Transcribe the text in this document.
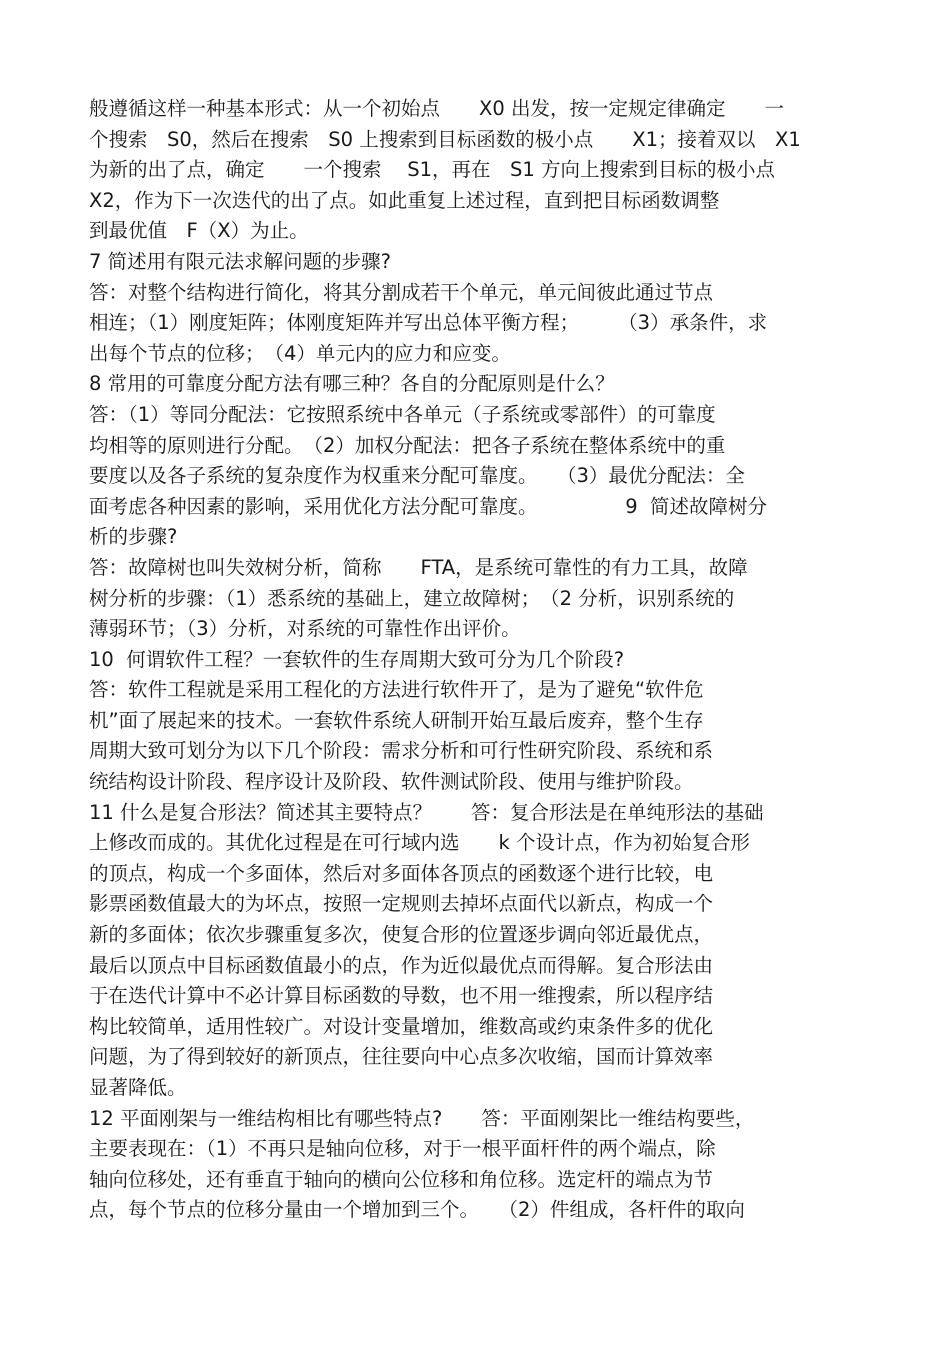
般遵循这样一种基本形式：从一个初始点　　X0 出发，按一定规定律确定　　一
个搜索　S0，然后在搜索　S0 上搜索到目标函数的极小点　　X1；接着双以　X1
为新的出了点，确定　　一个搜索　 S1，再在　S1 方向上搜索到目标的极小点
X2，作为下一次迭代的出了点。如此重复上述过程，直到把目标函数调整
到最优值　F（X）为止。
7 简述用有限元法求解问题的步骤?
答：对整个结构进行简化，将其分割成若干个单元，单元间彼此通过节点
相连；（1）刚度矩阵；体刚度矩阵并写出总体平衡方程；　　　（3）承条件，求
出每个节点的位移；　（4）单元内的应力和应变。
8 常用的可靠度分配方法有哪三种？各自的分配原则是什么？
答：（1）等同分配法：它按照系统中各单元（子系统或零部件）的可靠度
均相等的原则进行分配。　（2）加权分配法：把各子系统在整体系统中的重
要度以及各子系统的复杂度作为权重来分配可靠度。　　（3）最优分配法：全
面考虑各种因素的影响，采用优化方法分配可靠度。　　　　　9  简述故障树分
析的步骤?
答：故障树也叫失效树分析，简称　　FTA，是系统可靠性的有力工具，故障
树分析的步骤：（1）悉系统的基础上，建立故障树；　（2 分析，识别系统的
薄弱环节；（3）分析，对系统的可靠性作出评价。
10  何谓软件工程？一套软件的生存周期大致可分为几个阶段?
答：软件工程就是采用工程化的方法进行软件开了，是为了避免“软件危
机”面了展起来的技术。一套软件系统人研制开始互最后废弃，整个生存
周期大致可划分为以下几个阶段：需求分析和可行性研究阶段、系统和系
统结构设计阶段、程序设计及阶段、软件测试阶段、使用与维护阶段。
11 什么是复合形法？简述其主要特点？　　答：复合形法是在单纯形法的基础
上修改而成的。其优化过程是在可行域内选　　k 个设计点，作为初始复合形
的顶点，构成一个多面体，然后对多面体各顶点的函数逐个进行比较，电
影票函数值最大的为坏点，按照一定规则去掉坏点面代以新点，构成一个
新的多面体；依次步骤重复多次，使复合形的位置逐步调向邻近最优点，
最后以顶点中目标函数值最小的点，作为近似最优点而得解。复合形法由
于在迭代计算中不必计算目标函数的导数，也不用一维搜索，所以程序结
构比较简单，适用性较广。对设计变量增加，维数高或约束条件多的优化
问题，为了得到较好的新顶点，往往要向中心点多次收缩，国而计算效率
显著降低。
12 平面刚架与一维结构相比有哪些特点?　　答：平面刚架比一维结构要些，
主要表现在：（1）不再只是轴向位移，对于一根平面杆件的两个端点，除
轴向位移处，还有垂直于轴向的横向公位移和角位移。选定杆的端点为节
点，每个节点的位移分量由一个增加到三个。　　（2）件组成，各杆件的取向
